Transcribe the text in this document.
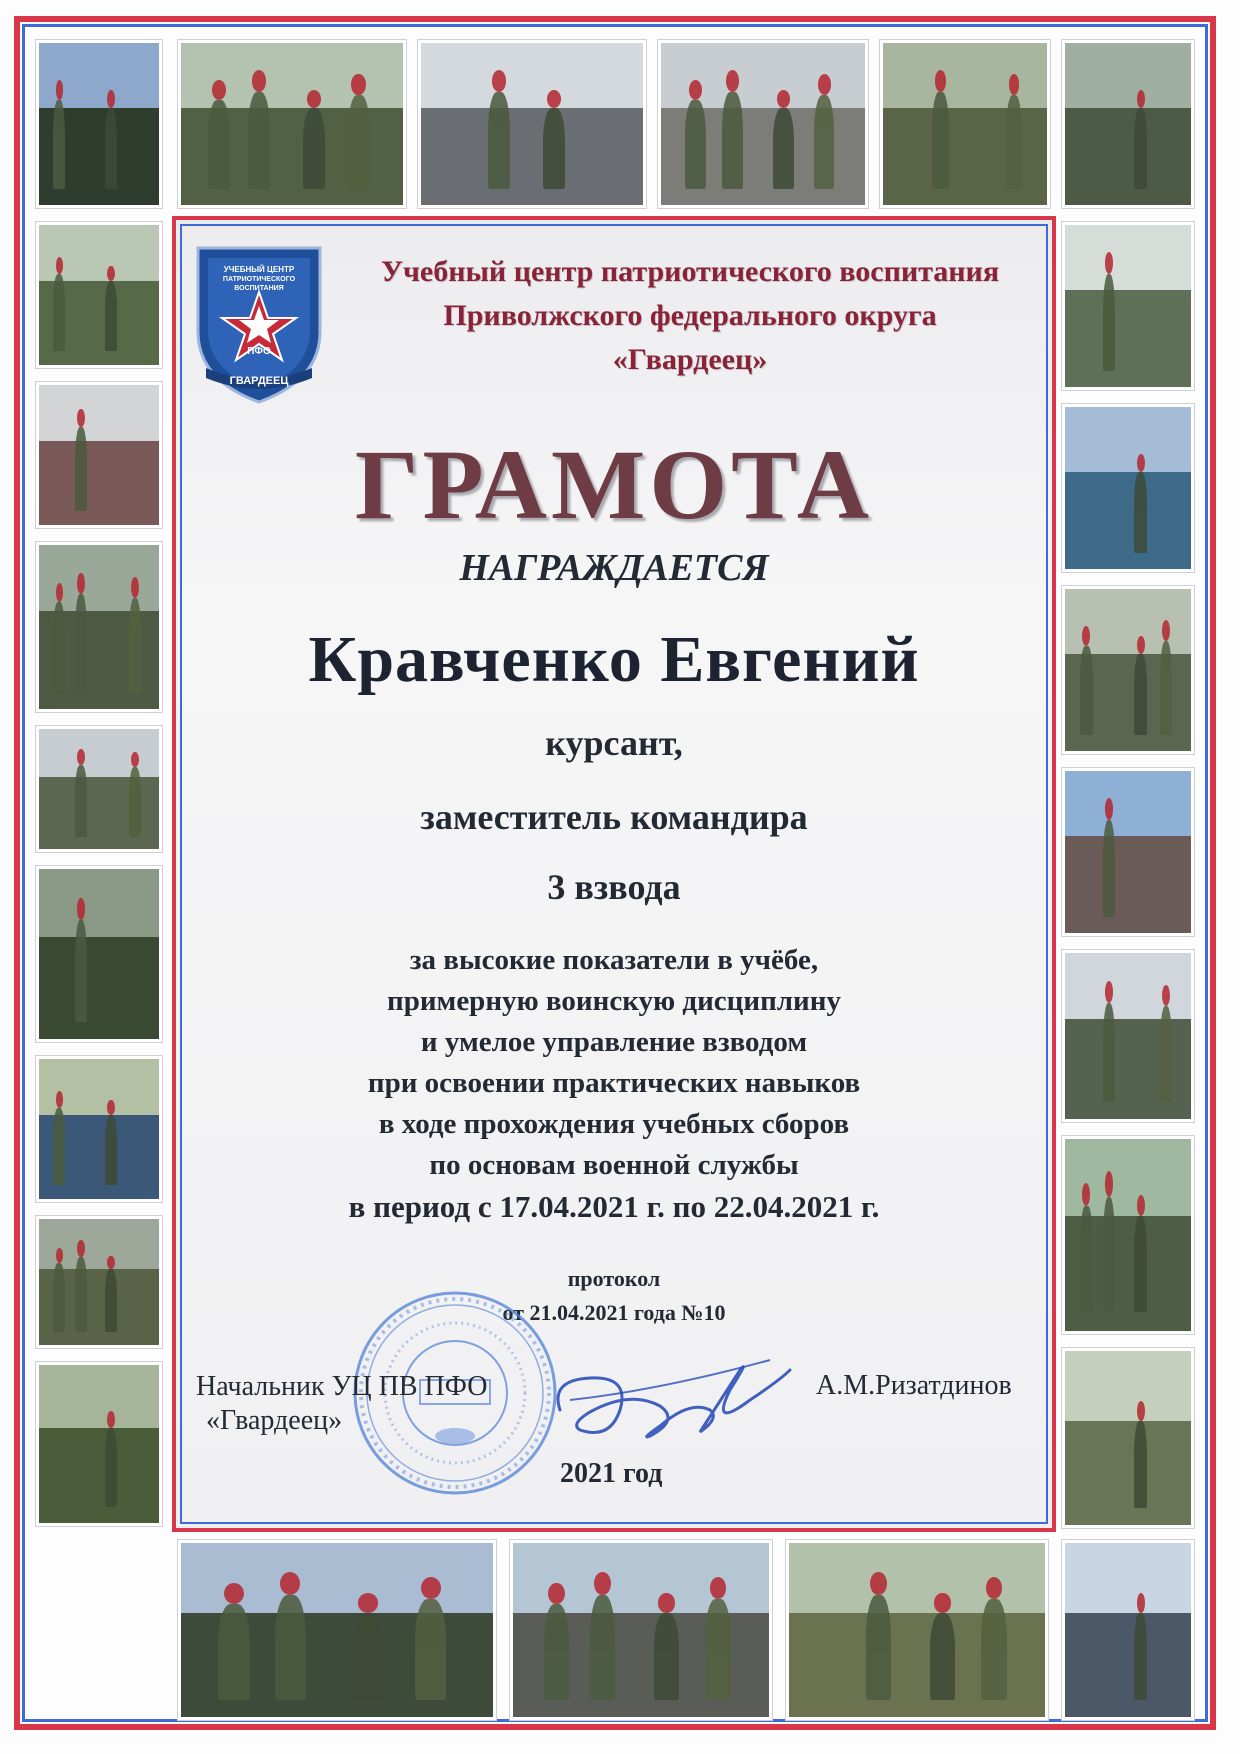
УЧЕБНЫЙ ЦЕНТР
ПАТРИОТИЧЕСКОГО
ВОСПИТАНИЯ
ПФО
ГВАРДЕЕЦ
Учебный центр патриотического воспитания
Приволжского федерального округа
«Гвардеец»
ГРАМОТА
НАГРАЖДАЕТСЯ
Кравченко Евгений
курсант,
заместитель командира
3 взвода
за высокие показатели в учёбе,
примерную воинскую дисциплину
и умелое управление взводом
при освоении практических навыков
в ходе прохождения учебных сборов
по основам военной службы
в период с 17.04.2021 г. по 22.04.2021 г.
протокол
от 21.04.2021 года №10
Начальник УЦ ПВ ПФО
«Гвардеец»
А.М.Ризатдинов
2021 год
